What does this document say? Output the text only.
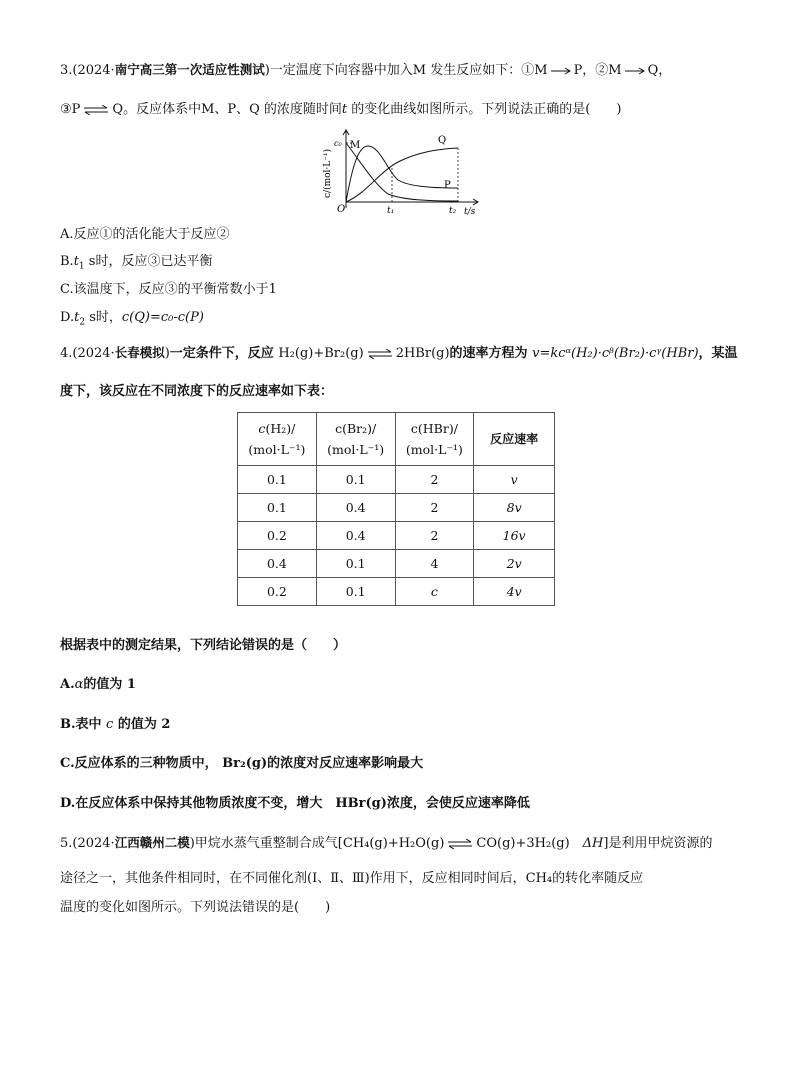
3.(2024·南宁高三第一次适应性测试)一定温度下向容器中加入M 发生反应如下：①M P，②M Q，
③P ⇌ Q。反应体系中M、P、Q 的浓度随时间t 的变化曲线如图所示。下列说法正确的是(　　)
c₀ M	Q
P
O	t₁	t₂ t/s
c/(mol·L⁻¹)
A.反应①的活化能大于反应②
$B.t_1$ s时，反应③已达平衡
C.该温度下，反应③的平衡常数小于1
$D.t_2$ s时，c(Q)=c₀-c(P)
4.(2024·长春模拟)一定条件下，反应 H₂(g)+Br₂(g) ⇌ 2HBr(g)的速率方程为 v=kcᵅ(H₂)·cᵝ(Br₂)·cᵞ(HBr)，某温
度下，该反应在不同浓度下的反应速率如下表：
c(H₂)/
(mol·L⁻¹)	c(Br₂)/
(mol·L⁻¹)	c(HBr)/
(mol·L⁻¹)	反应速率
0.1	0.1	2	v
0.1	0.4	2	8v
0.2	0.4	2	16v
0.4	0.1	4	2v
0.2	0.1	c	4v
根据表中的测定结果，下列结论错误的是（　　）
A.α的值为 1
B.表中 c 的值为 2
C.反应体系的三种物质中， Br₂(g)的浓度对反应速率影响最大
D.在反应体系中保持其他物质浓度不变，增大　HBr(g)浓度，会使反应速率降低
5.(2024·江西赣州二模)甲烷水蒸气重整制合成气[CH₄(g)+H₂O(g) ⇌ CO(g)+3H₂(g)　ΔH]是利用甲烷资源的
途径之一，其他条件相同时，在不同催化剂(Ⅰ、Ⅱ、Ⅲ)作用下，反应相同时间后，CH₄的转化率随反应
温度的变化如图所示。下列说法错误的是(　　)
